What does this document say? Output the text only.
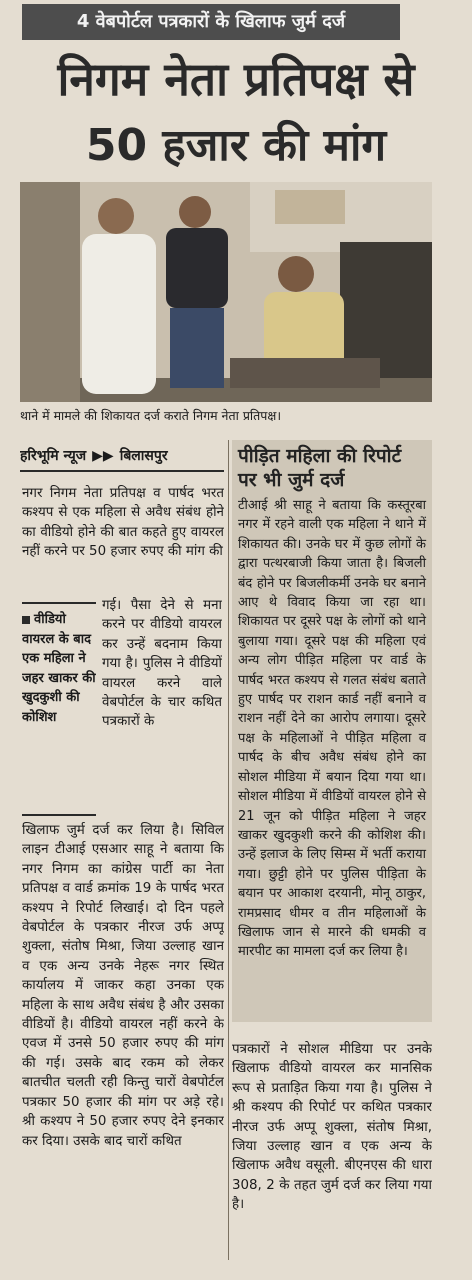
4 वेबपोर्टल पत्रकारों के खिलाफ जुर्म दर्ज
निगम नेता प्रतिपक्ष से
50 हजार की मांग
थाने में मामले की शिकायत दर्ज कराते निगम नेता प्रतिपक्ष।
हरिभूमि न्यूज ▶▶ बिलासपुर

नगर निगम नेता प्रतिपक्ष व पार्षद भरत कश्यप से एक महिला से अवैध संबंध होने का वीडियो होने की बात कहते हुए वायरल नहीं करने पर 50 हजार रुपए की मांग की

वीडियो वायरल के बाद एक महिला ने जहर खाकर की खुदकुशी की कोशिश

गई। पैसा देने से मना करने पर वीडियो वायरल कर उन्हें बदनाम किया गया है। पुलिस ने वीडियों वायरल करने वाले वेबपोर्टल के चार कथित पत्रकारों के

खिलाफ जुर्म दर्ज कर लिया है। सिविल लाइन टीआई एसआर साहू ने बताया कि नगर निगम का कांग्रेस पार्टी का नेता प्रतिपक्ष व वार्ड क्रमांक 19 के पार्षद भरत कश्यप ने रिपोर्ट लिखाई। दो दिन पहले वेबपोर्टल के पत्रकार नीरज उर्फ अप्पू शुक्ला, संतोष मिश्रा, जिया उल्लाह खान व एक अन्य उनके नेहरू नगर स्थित कार्यालय में जाकर कहा उनका एक महिला के साथ अवैध संबंध है और उसका वीडियों है। वीडियो वायरल नहीं करने के एवज में उनसे 50 हजार रुपए की मांग की गई। उसके बाद रकम को लेकर बातचीत चलती रही किन्तु चारों वेबपोर्टल पत्रकार 50 हजार की मांग पर अड़े रहे। श्री कश्यप ने 50 हजार रुपए देने इनकार कर दिया। उसके बाद चारों कथित

पीड़ित महिला की रिपोर्ट पर भी जुर्म दर्ज
टीआई श्री साहू ने बताया कि कस्तूरबा नगर में रहने वाली एक महिला ने थाने में शिकायत की। उनके घर में कुछ लोगों के द्वारा पत्थरबाजी किया जाता है। बिजली बंद होने पर बिजलीकर्मी उनके घर बनाने आए थे विवाद किया जा रहा था। शिकायत पर दूसरे पक्ष के लोगों को थाने बुलाया गया। दूसरे पक्ष की महिला एवं अन्य लोग पीड़ित महिला पर वार्ड के पार्षद भरत कश्यप से गलत संबंध बताते हुए पार्षद पर राशन कार्ड नहीं बनाने व राशन नहीं देने का आरोप लगाया। दूसरे पक्ष के महिलाओं ने पीड़ित महिला व पार्षद के बीच अवैध संबंध होने का सोशल मीडिया में बयान दिया गया था। सोशल मीडिया में वीडियों वायरल होने से 21 जून को पीड़ित महिला ने जहर खाकर खुदकुशी करने की कोशिश की। उन्हें इलाज के लिए सिम्स में भर्ती कराया गया। छुट्टी होने पर पुलिस पीड़िता के बयान पर आकाश दरयानी, मोनू ठाकुर, रामप्रसाद धीमर व तीन महिलाओं के खिलाफ जान से मारने की धमकी व मारपीट का मामला दर्ज कर लिया है।

पत्रकारों ने सोशल मीडिया पर उनके खिलाफ वीडियो वायरल कर मानसिक रूप से प्रताड़ित किया गया है। पुलिस ने श्री कश्यप की रिपोर्ट पर कथित पत्रकार नीरज उर्फ अप्पू शुक्ला, संतोष मिश्रा, जिया उल्लाह खान व एक अन्य के खिलाफ अवैध वसूली. बीएनएस की धारा 308, 2 के तहत जुर्म दर्ज कर लिया गया है।
